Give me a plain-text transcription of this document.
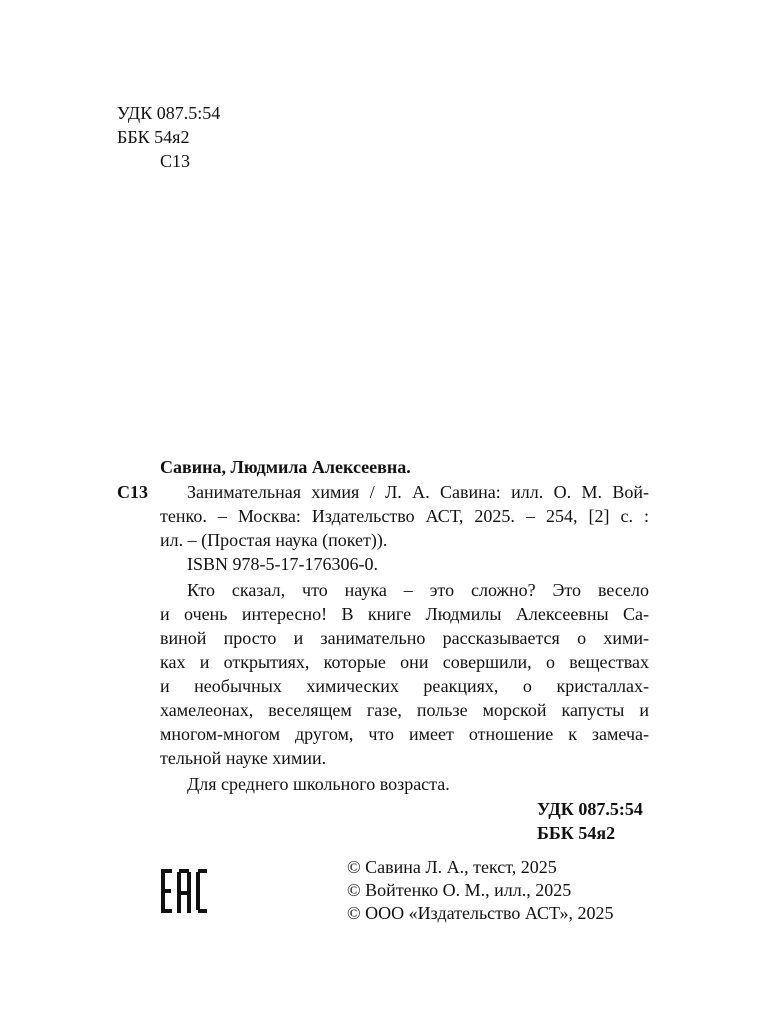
УДК 087.5:54
ББК 54я2
С13
Савина, Людмила Алексеевна.
С13 Занимательная химия / Л. А. Савина: илл. О. М. Вой-
тенко. – Москва: Издательство АСТ, 2025. – 254, [2] с. :
ил. – (Простая наука (покет)).
ISBN 978-5-17-176306-0.
Кто сказал, что наука – это сложно? Это весело
и очень интересно! В книге Людмилы Алексеевны Са-
виной просто и занимательно рассказывается о хими-
ках и открытиях, которые они совершили, о веществах
и необычных химических реакциях, о кристаллах-
хамелеонах, веселящем газе, пользе морской капусты и
многом-многом другом, что имеет отношение к замеча-
тельной науке химии.
Для среднего школьного возраста.
УДК 087.5:54
ББК 54я2
© Савина Л. А., текст, 2025
© Войтенко О. М., илл., 2025
© ООО «Издательство АСТ», 2025
